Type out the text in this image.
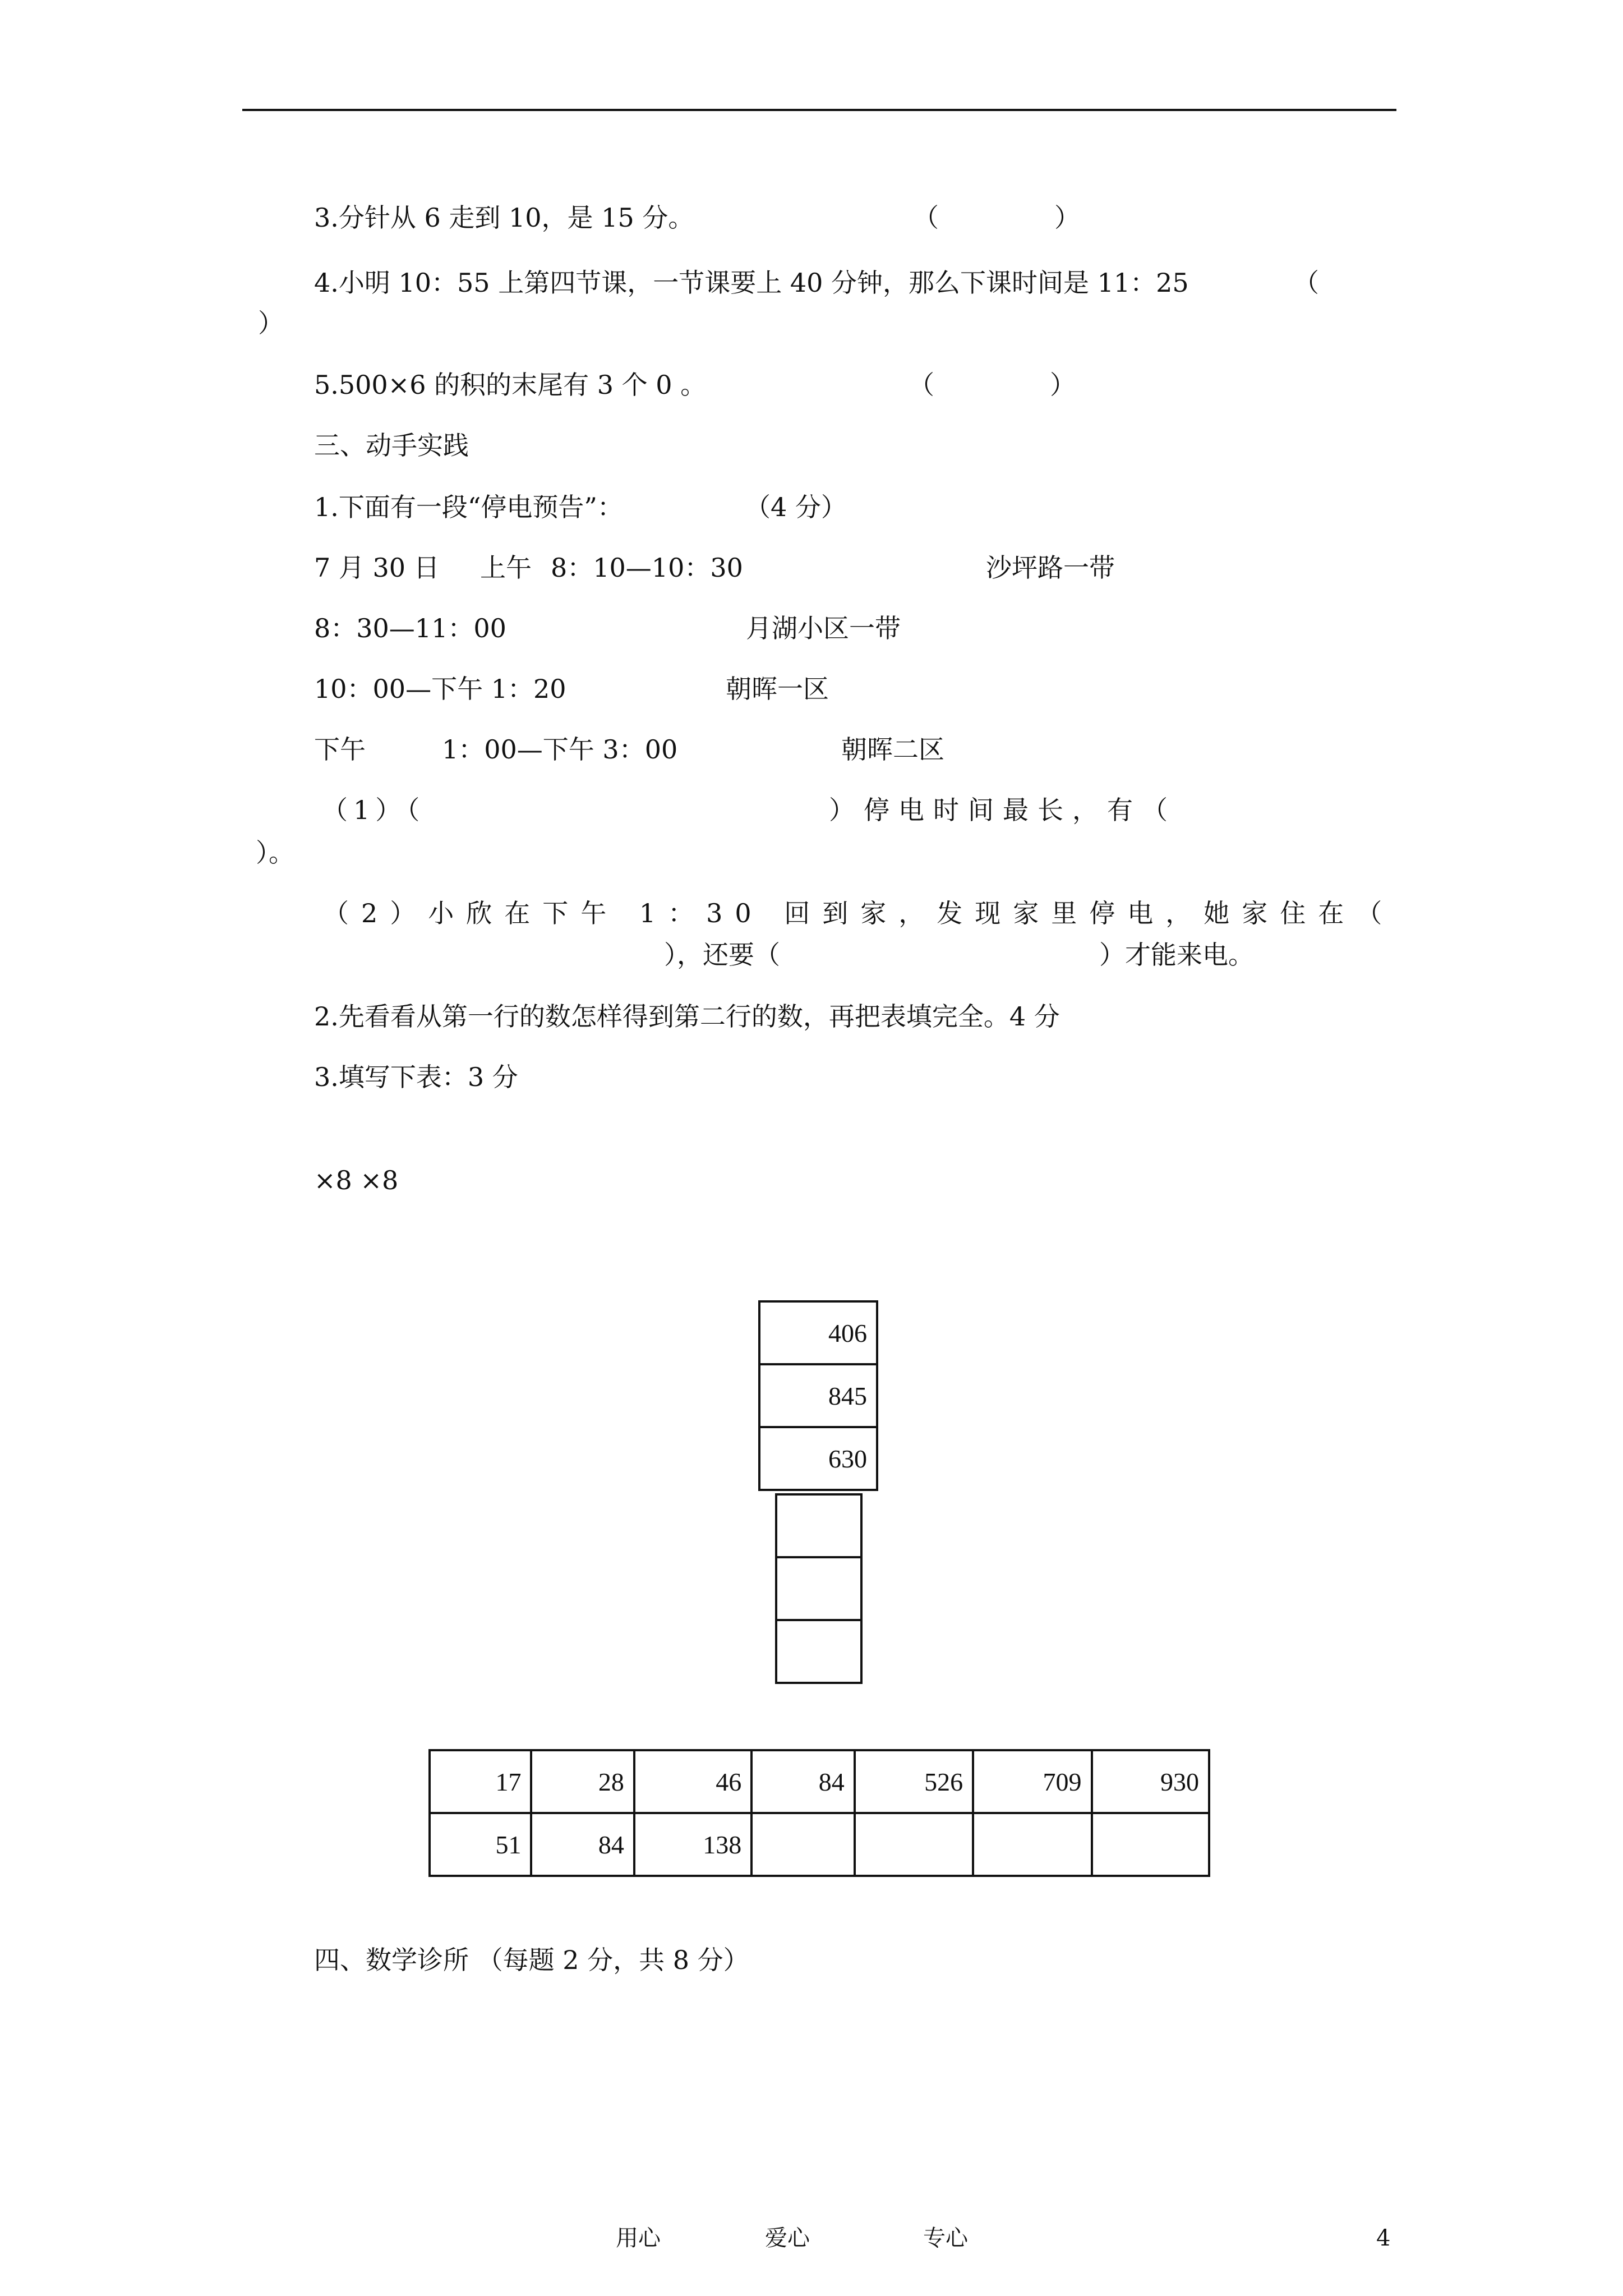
3.分针从 6 走到 10，是 15 分。	（	）
4.小明 10：55 上第四节课，一节课要上 40 分钟，那么下课时间是 11：25	（
）
5.500×6 的积的末尾有 3 个 0 。	（	）
三、动手实践
1.下面有一段“停电预告”：	（4 分）
7 月 30 日 上午 8：10—10：30	沙坪路一带
8：30—11：00	月湖小区一带
10：00—下午 1：20	朝晖一区
下午	1：00—下午 3：00	朝晖二区
（1）（	）停电时间最长，有（
）。
（2）小欣在下午 1：30 回到家，发现家里停电，她家住在（
），还要（	）才能来电。
2.先看看从第一行的数怎样得到第二行的数，再把表填完全。4 分
3.填写下表：3 分
×8 ×8
406
845
630

17	28	46	84	526	709	930
51	84	138				
四、数学诊所 （每题 2 分，共 8 分）
用心	爱心	专心	4
